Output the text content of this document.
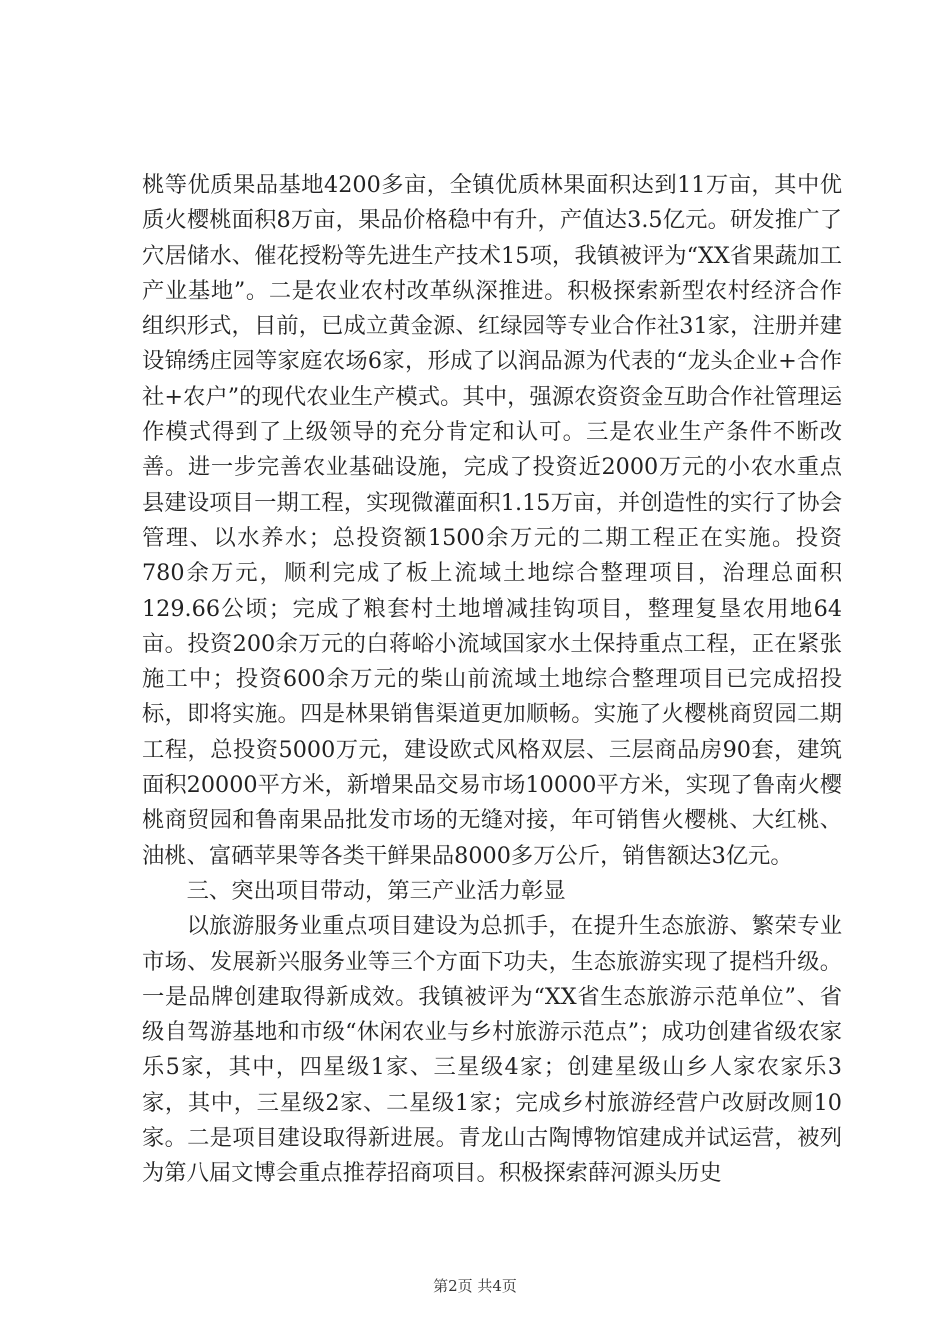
桃等优质果品基地4200多亩，全镇优质林果面积达到11万亩，其中优质火樱桃面积8万亩，果品价格稳中有升，产值达3.5亿元。研发推广了穴居储水、催花授粉等先进生产技术15项，我镇被评为“XX省果蔬加工产业基地”。二是农业农村改革纵深推进。积极探索新型农村经济合作组织形式，目前，已成立黄金源、红绿园等专业合作社31家，注册并建设锦绣庄园等家庭农场6家，形成了以润品源为代表的“龙头企业+合作社+农户”的现代农业生产模式。其中，强源农资资金互助合作社管理运作模式得到了上级领导的充分肯定和认可。三是农业生产条件不断改善。进一步完善农业基础设施，完成了投资近2000万元的小农水重点县建设项目一期工程，实现微灌面积1.15万亩，并创造性的实行了协会管理、以水养水；总投资额1500余万元的二期工程正在实施。投资780余万元，顺利完成了板上流域土地综合整理项目，治理总面积129.66公顷；完成了粮套村土地增减挂钩项目，整理复垦农用地64亩。投资200余万元的白蒋峪小流域国家水土保持重点工程，正在紧张施工中；投资600余万元的柴山前流域土地综合整理项目已完成招投标，即将实施。四是林果销售渠道更加顺畅。实施了火樱桃商贸园二期工程，总投资5000万元，建设欧式风格双层、三层商品房90套，建筑面积20000平方米，新增果品交易市场10000平方米，实现了鲁南火樱桃商贸园和鲁南果品批发市场的无缝对接，年可销售火樱桃、大红桃、油桃、富硒苹果等各类干鲜果品8000多万公斤，销售额达3亿元。

三、突出项目带动，第三产业活力彰显

以旅游服务业重点项目建设为总抓手，在提升生态旅游、繁荣专业市场、发展新兴服务业等三个方面下功夫，生态旅游实现了提档升级。一是品牌创建取得新成效。我镇被评为“XX省生态旅游示范单位”、省级自驾游基地和市级“休闲农业与乡村旅游示范点”；成功创建省级农家乐5家，其中，四星级1家、三星级4家；创建星级山乡人家农家乐3家，其中，三星级2家、二星级1家；完成乡村旅游经营户改厨改厕10家。二是项目建设取得新进展。青龙山古陶博物馆建成并试运营，被列为第八届文博会重点推荐招商项目。积极探索薛河源头历史

第2页 共4页
